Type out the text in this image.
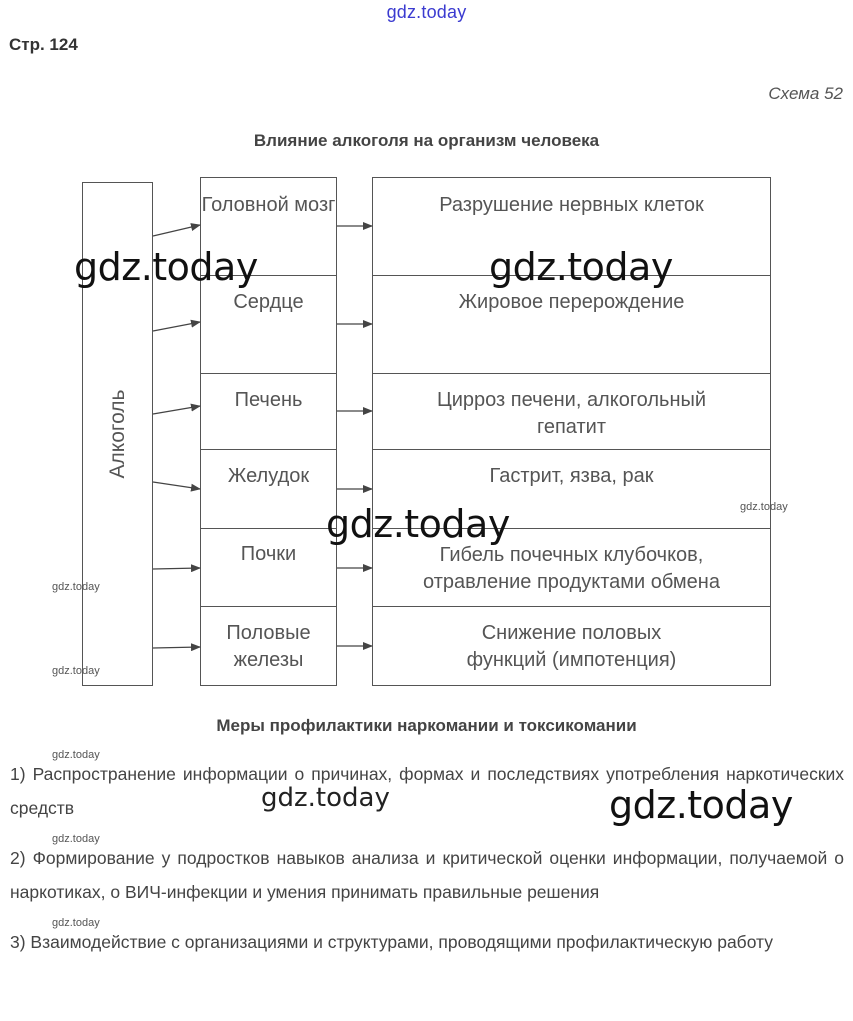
gdz.today
Стр. 124
Схема 52
Влияние алкоголя на организм человека
Алкоголь
Головной мозг
Сердце
Печень
Желудок
Почки
Половые железы
Разрушение нервных клеток
Жировое перерождение
Цирроз печени, алкогольный гепатит
Гастрит, язва, рак
Гибель почечных клубочков, отравление продуктами обмена
Снижение половых функций (импотенция)
Меры профилактики наркомании и токсикомании
1) Распространение информации о причинах, формах и последствиях употребления наркотических средств
2) Формирование у подростков навыков анализа и критической оценки информации, получаемой о наркотиках, о ВИЧ-инфекции и умения принимать правильные решения
3) Взаимодействие с организациями и структурами, проводящими профилактическую работу
gdz.today	gdz.today
gdz.today
gdz.today
gdz.today
gdz.today
gdz.today
gdz.today
gdz.today
gdz.today
gdz.today
